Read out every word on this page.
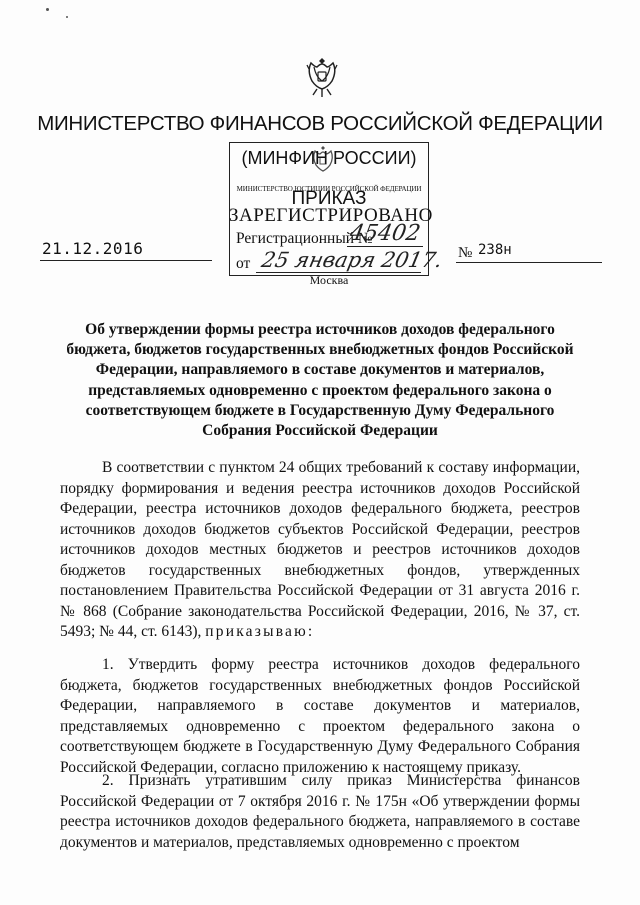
МИНИСТЕРСТВО ФИНАНСОВ РОССИЙСКОЙ ФЕДЕРАЦИИ
(МИНФИН РОССИИ)
МИНИСТЕРСТВО ЮСТИЦИИ РОССИЙСКОЙ ФЕДЕРАЦИИ
ПРИКАЗ
ЗАРЕГИСТРИРОВАНО
Регистрационный №
45402
от 25 января 2017.
21.12.2016	№ 238н
Москва
Об утверждении формы реестра источников доходов федерального бюджета, бюджетов государственных внебюджетных фондов Российской Федерации, направляемого в составе документов и материалов, представляемых одновременно с проектом федерального закона о соответствующем бюджете в Государственную Думу Федерального Собрания Российской Федерации
В соответствии с пунктом 24 общих требований к составу информации, порядку формирования и ведения реестра источников доходов Российской Федерации, реестра источников доходов федерального бюджета, реестров источников доходов бюджетов субъектов Российской Федерации, реестров источников доходов местных бюджетов и реестров источников доходов бюджетов государственных внебюджетных фондов, утвержденных постановлением Правительства Российской Федерации от 31 августа 2016 г. № 868 (Собрание законодательства Российской Федерации, 2016, № 37, ст. 5493; № 44, ст. 6143), приказываю:
1. Утвердить форму реестра источников доходов федерального бюджета, бюджетов государственных внебюджетных фондов Российской Федерации, направляемого в составе документов и материалов, представляемых одновременно с проектом федерального закона о соответствующем бюджете в Государственную Думу Федерального Собрания Российской Федерации, согласно приложению к настоящему приказу.
2. Признать утратившим силу приказ Министерства финансов Российской Федерации от 7 октября 2016 г. № 175н «Об утверждении формы реестра источников доходов федерального бюджета, направляемого в составе документов и материалов, представляемых одновременно с проектом
